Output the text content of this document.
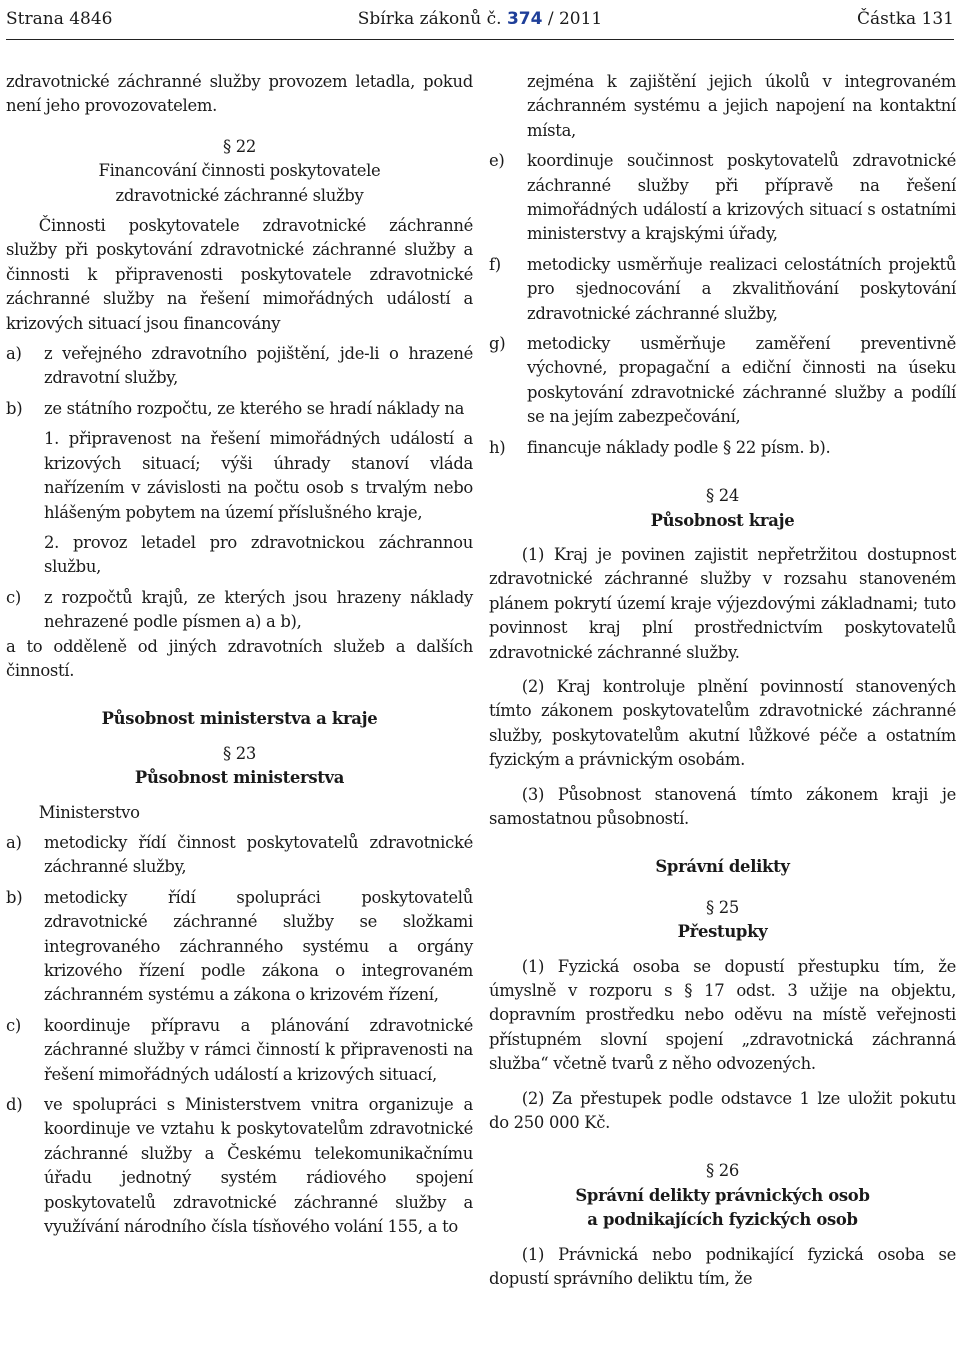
Strana 4846	Sbírka zákonů č. 374 / 2011	Částka 131

zdravotnické záchranné služby provozem letadla, pokud není jeho provozovatelem.

§ 22

Financování činnosti poskytovatele

zdravotnické záchranné služby

Činnosti poskytovatele zdravotnické záchranné služby při poskytování zdravotnické záchranné služby a činnosti k připravenosti poskytovatele zdravotnické záchranné služby na řešení mimořádných událostí a krizových situací jsou financovány

a)	z veřejného zdravotního pojištění, jde-li o hrazené zdravotní služby,
b)	ze státního rozpočtu, ze kterého se hradí náklady na

1. připravenost na řešení mimořádných událostí a krizových situací; výši úhrady stanoví vláda nařízením v závislosti na počtu osob s trvalým nebo hlášeným pobytem na území příslušného kraje,

2. provoz letadel pro zdravotnickou záchrannou službu,

c)	z rozpočtů krajů, ze kterých jsou hrazeny náklady nehrazené podle písmen a) a b),

a to odděleně od jiných zdravotních služeb a dalších činností.

Působnost ministerstva a kraje

§ 23

Působnost ministerstva

Ministerstvo

a)	metodicky řídí činnost poskytovatelů zdravotnické záchranné služby,
b)	metodicky řídí spolupráci poskytovatelů zdravotnické záchranné služby se složkami integrovaného záchranného systému a orgány krizového řízení podle zákona o integrovaném záchranném systému a zákona o krizovém řízení,
c)	koordinuje přípravu a plánování zdravotnické záchranné služby v rámci činností k připravenosti na řešení mimořádných událostí a krizových situací,
d)	ve spolupráci s Ministerstvem vnitra organizuje a koordinuje ve vztahu k poskytovatelům zdravotnické záchranné služby a Českému telekomunikačnímu úřadu jednotný systém rádiového spojení poskytovatelů zdravotnické záchranné služby a využívání národního čísla tísňového volání 155, a to

zejména k zajištění jejich úkolů v integrovaném záchranném systému a jejich napojení na kontaktní místa,

e)	koordinuje součinnost poskytovatelů zdravotnické záchranné služby při přípravě na řešení mimořádných událostí a krizových situací s ostatními ministerstvy a krajskými úřady,
f)	metodicky usměrňuje realizaci celostátních projektů pro sjednocování a zkvalitňování poskytování zdravotnické záchranné služby,
g)	metodicky usměrňuje zaměření preventivně výchovné, propagační a ediční činnosti na úseku poskytování zdravotnické záchranné služby a podílí se na jejím zabezpečování,
h)	financuje náklady podle § 22 písm. b).

§ 24

Působnost kraje

(1) Kraj je povinen zajistit nepřetržitou dostupnost zdravotnické záchranné služby v rozsahu stanoveném plánem pokrytí území kraje výjezdovými základnami; tuto povinnost kraj plní prostřednictvím poskytovatelů zdravotnické záchranné služby.

(2) Kraj kontroluje plnění povinností stanovených tímto zákonem poskytovatelům zdravotnické záchranné služby, poskytovatelům akutní lůžkové péče a ostatním fyzickým a právnickým osobám.

(3) Působnost stanovená tímto zákonem kraji je samostatnou působností.

Správní delikty

§ 25

Přestupky

(1) Fyzická osoba se dopustí přestupku tím, že úmyslně v rozporu s § 17 odst. 3 užije na objektu, dopravním prostředku nebo oděvu na místě veřejnosti přístupném slovní spojení „zdravotnická záchranná služba“ včetně tvarů z něho odvozených.

(2) Za přestupek podle odstavce 1 lze uložit pokutu do 250 000 Kč.

§ 26

Správní delikty právnických osob

a podnikajících fyzických osob

(1) Právnická nebo podnikající fyzická osoba se dopustí správního deliktu tím, že
